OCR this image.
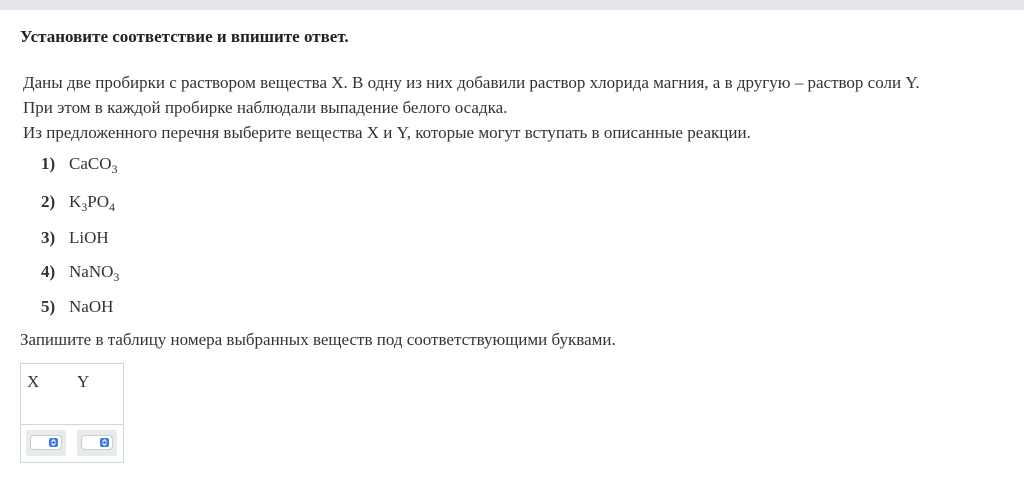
Установите соответствие и впишите ответ.
Даны две пробирки с раствором вещества X. В одну из них добавили раствор хлорида магния, а в другую – раствор соли Y.
При этом в каждой пробирке наблюдали выпадение белого осадка.
Из предложенного перечня выберите вещества X и Y, которые могут вступать в описанные реакции.
1) CaCO$_3$
2) $K_3PO_4$
3) LiOH
4) NaNO$_3$
5) NaOH
Запишите в таблицу номера выбранных веществ под соответствующими буквами.
X Y
